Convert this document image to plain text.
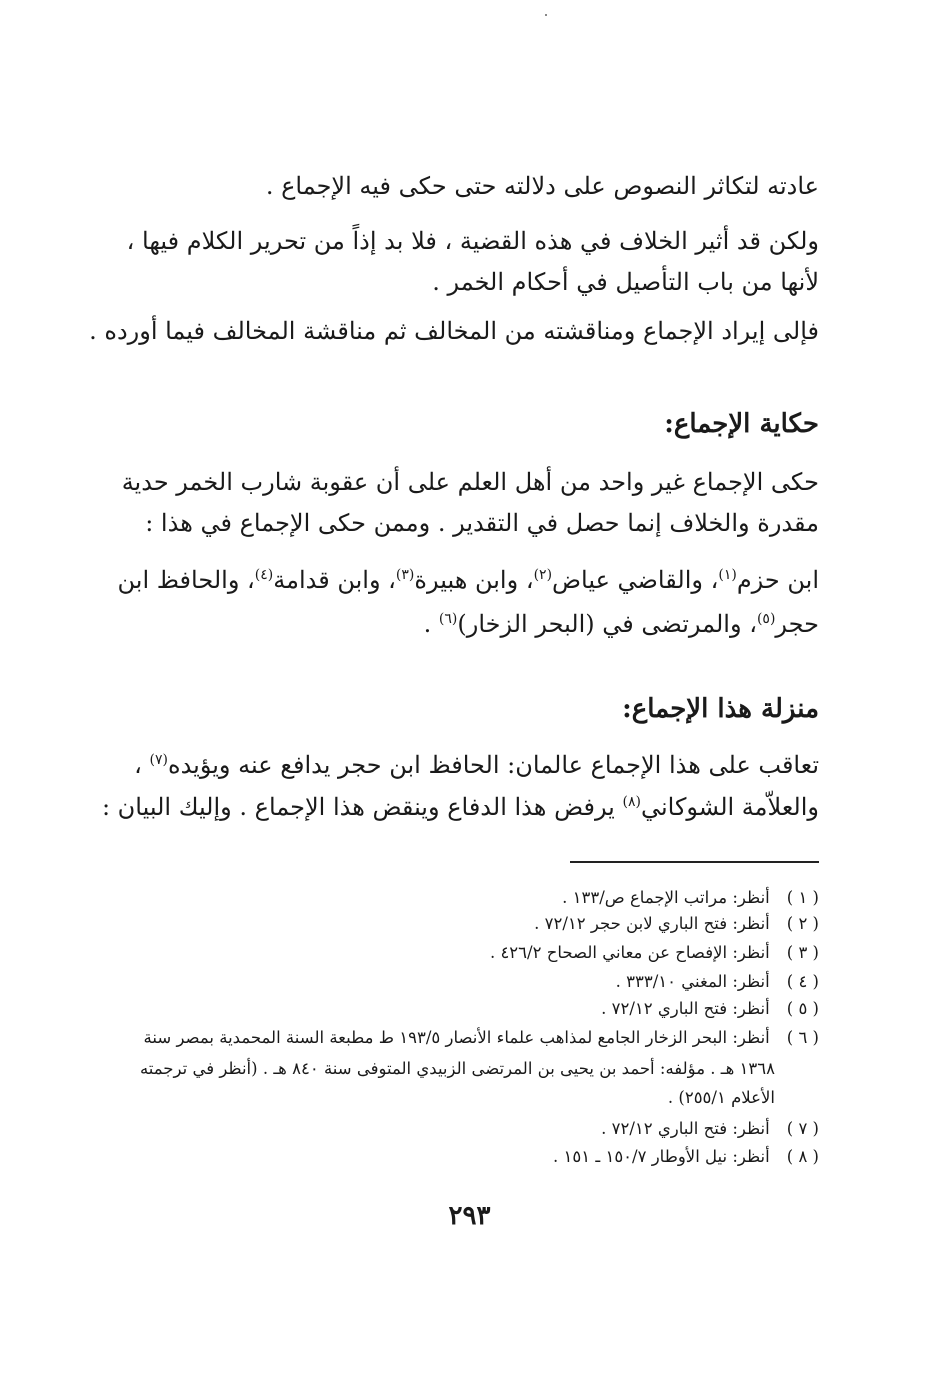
عادته لتكاثر النصوص على دلالته حتى حكى فيه الإجماع .
ولكن قد أثير الخلاف في هذه القضية ، فلا بد إذاً من تحرير الكلام فيها ،
لأنها من باب التأصيل في أحكام الخمر .
فإلى إيراد الإجماع ومناقشته من المخالف ثم مناقشة المخالف فيما أورده .
حكاية الإجماع:
حكى الإجماع غير واحد من أهل العلم على أن عقوبة شارب الخمر حدية
مقدرة والخلاف إنما حصل في التقدير . وممن حكى الإجماع في هذا :
ابن حزم$^{(١)}$، والقاضي عياض$^{(٢)}$، وابن هبيرة$^{(٣)}$، وابن قدامة$^{(٤)}$، والحافظ ابن
حجر$^{(٥)}$، والمرتضى في (البحر الزخار)$^{(٦)}$ .
منزلة هذا الإجماع:
تعاقب على هذا الإجماع عالمان: الحافظ ابن حجر يدافع عنه ويؤيده$^{(٧)}$ ،
والعلاّمة الشوكاني$^{(٨)}$ يرفض هذا الدفاع وينقض هذا الإجماع . وإليك البيان :
( ١ ) أنظر: مراتب الإجماع ص/١٣٣ .
( ٢ ) أنظر: فتح الباري لابن حجر ٧٢/١٢ .
( ٣ ) أنظر: الإفصاح عن معاني الصحاح ٤٢٦/٢ .
( ٤ ) أنظر: المغني ٣٣٣/١٠ .
( ٥ ) أنظر: فتح الباري ٧٢/١٢ .
( ٦ ) أنظر: البحر الزخار الجامع لمذاهب علماء الأنصار ١٩٣/٥ ط مطبعة السنة المحمدية بمصر سنة
١٣٦٨ هـ . مؤلفه: أحمد بن يحيى بن المرتضى الزبيدي المتوفى سنة ٨٤٠ هـ . (أنظر في ترجمته
الأعلام ٢٥٥/١) .
( ٧ ) أنظر: فتح الباري ٧٢/١٢ .
( ٨ ) أنظر: نيل الأوطار ١٥٠/٧ ـ ١٥١ .
٢٩٣
